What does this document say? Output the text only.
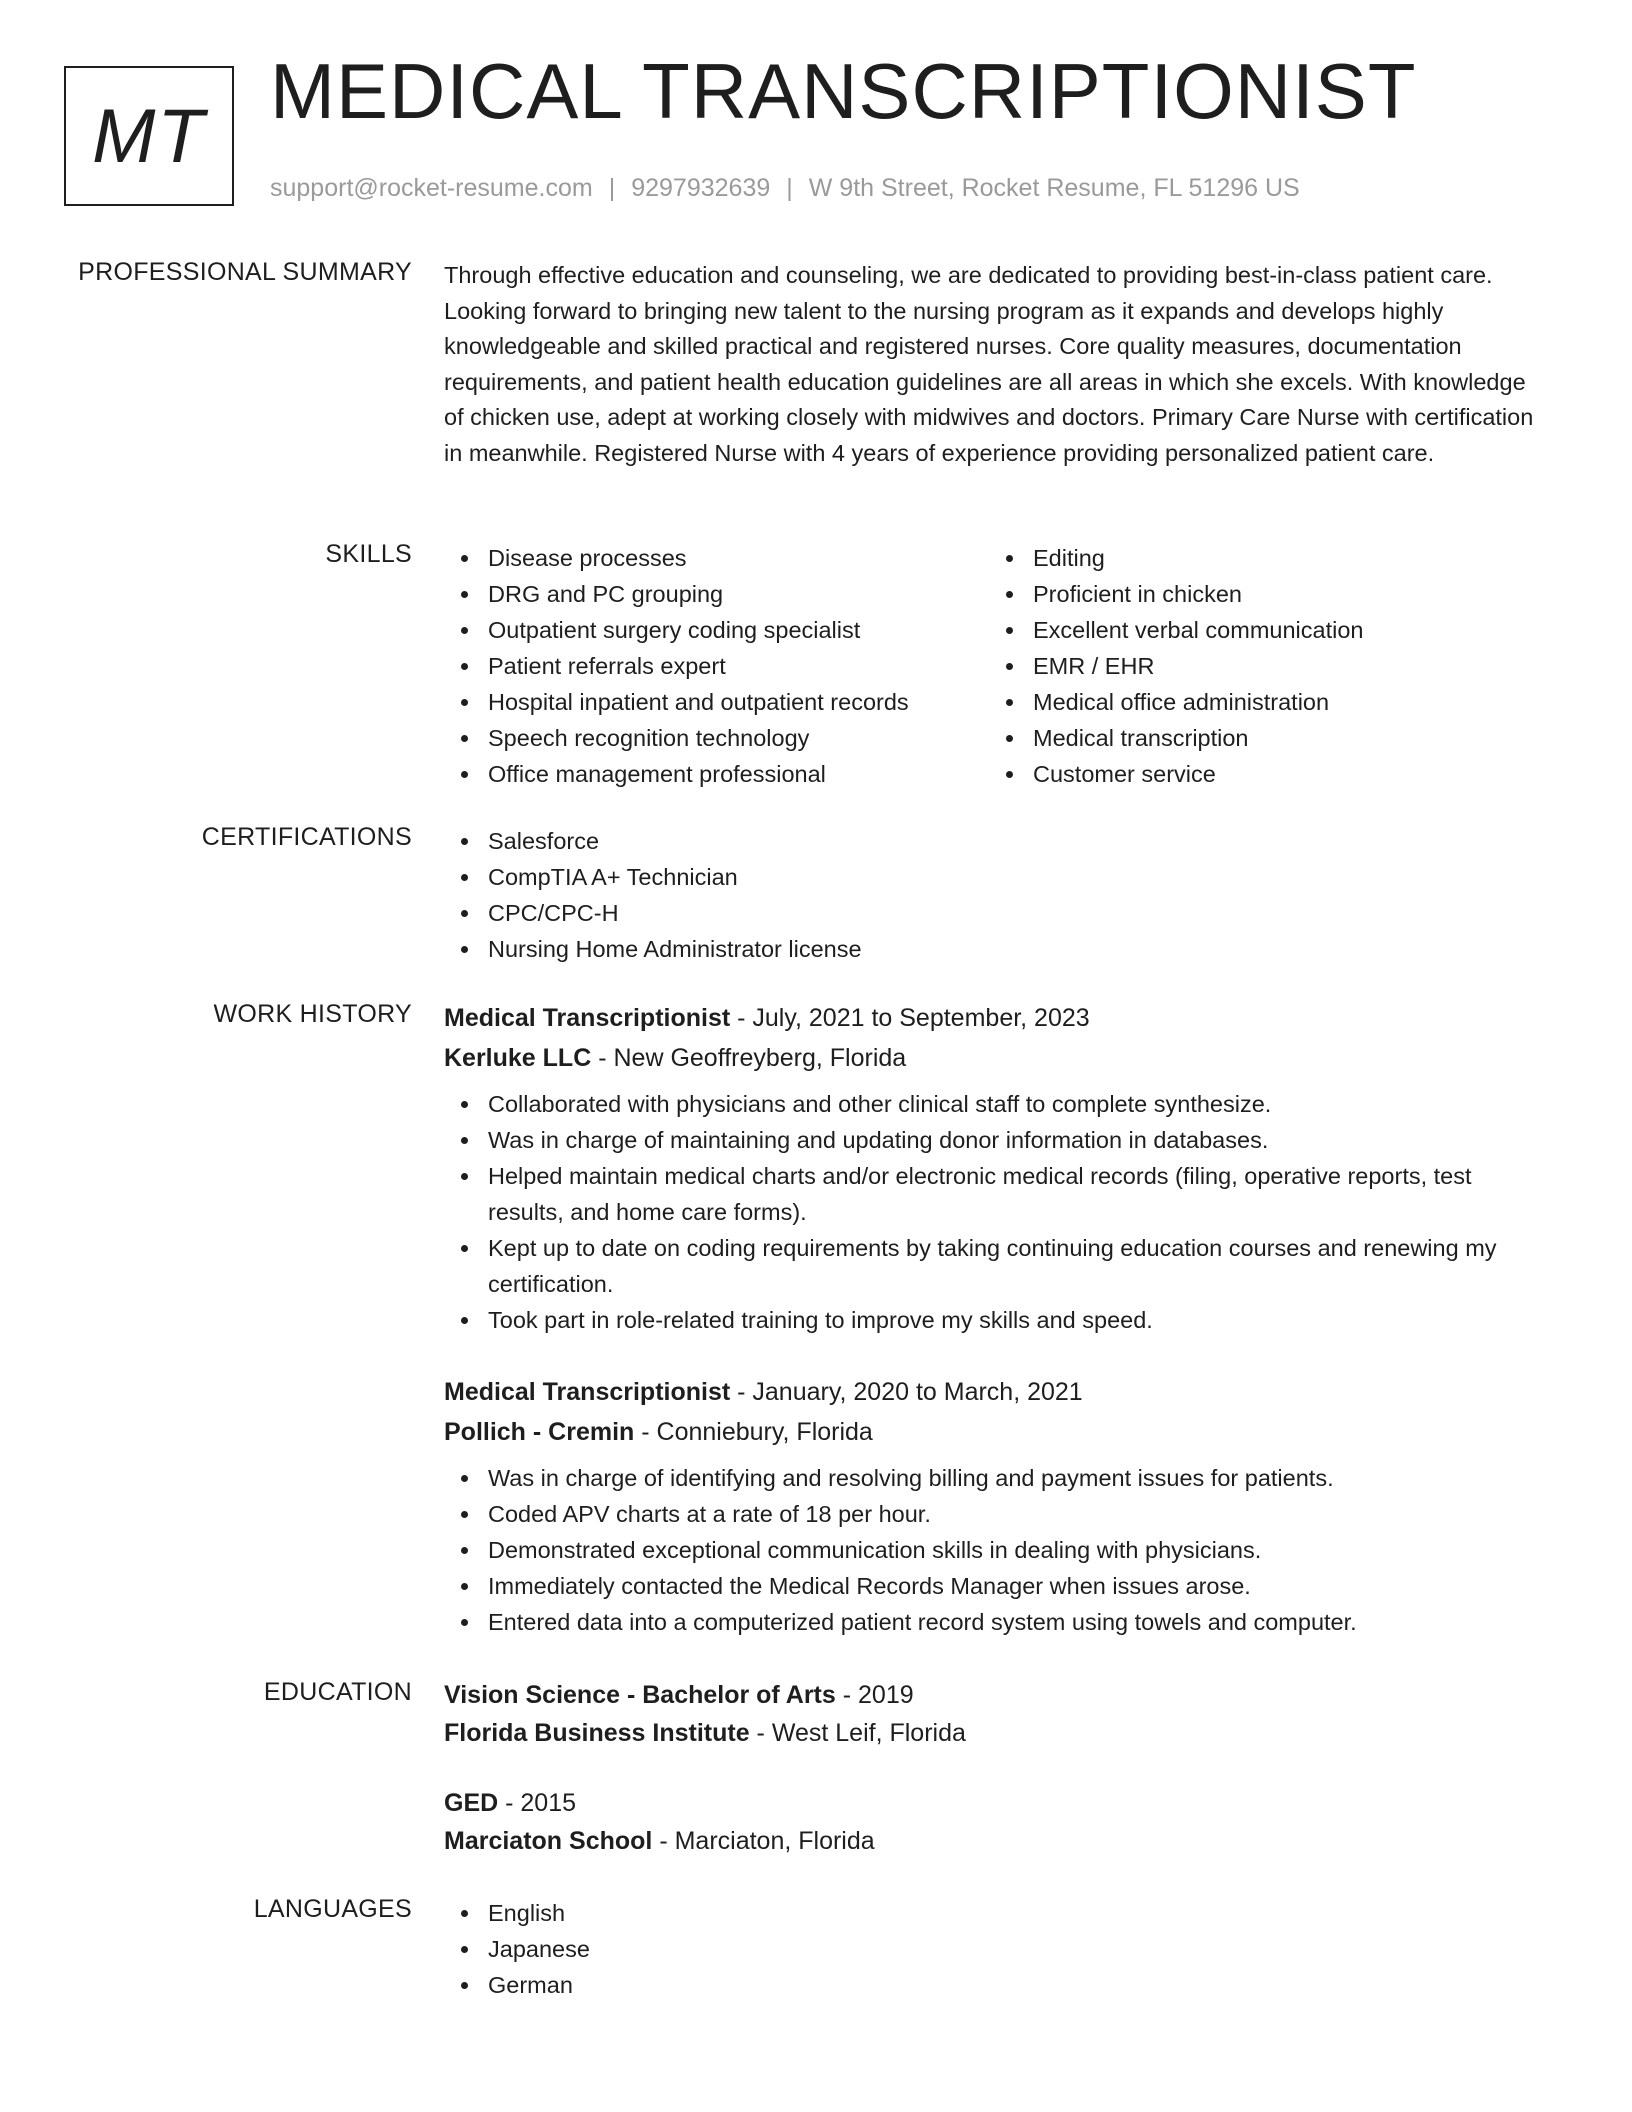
MT
MEDICAL TRANSCRIPTIONIST
support@rocket-resume.com | 9297932639 | W 9th Street, Rocket Resume, FL 51296 US
PROFESSIONAL SUMMARY Through effective education and counseling, we are dedicated to providing best-in-class patient care. Looking forward to bringing new talent to the nursing program as it expands and develops highly knowledgeable and skilled practical and registered nurses. Core quality measures, documentation requirements, and patient health education guidelines are all areas in which she excels. With knowledge of chicken use, adept at working closely with midwives and doctors. Primary Care Nurse with certification in meanwhile. Registered Nurse with 4 years of experience providing personalized patient care.

SKILLS	Disease processes
DRG and PC grouping
Outpatient surgery coding specialist
Patient referrals expert
Hospital inpatient and outpatient records
Speech recognition technology
Office management professional
Editing
Proficient in chicken
Excellent verbal communication
EMR / EHR
Medical office administration
Medical transcription
Customer service
CERTIFICATIONS	Salesforce
CompTIA A+ Technician
CPC/CPC-H
Nursing Home Administrator license
WORK HISTORY Medical Transcriptionist - July, 2021 to September, 2023
Kerluke LLC - New Geoffreyberg, Florida
Collaborated with physicians and other clinical staff to complete synthesize.
Was in charge of maintaining and updating donor information in databases.
Helped maintain medical charts and/or electronic medical records (filing, operative reports, test results, and home care forms).
Kept up to date on coding requirements by taking continuing education courses and renewing my certification.
Took part in role-related training to improve my skills and speed.
Medical Transcriptionist - January, 2020 to March, 2021
Pollich - Cremin - Conniebury, Florida
Was in charge of identifying and resolving billing and payment issues for patients.
Coded APV charts at a rate of 18 per hour.
Demonstrated exceptional communication skills in dealing with physicians.
Immediately contacted the Medical Records Manager when issues arose.
Entered data into a computerized patient record system using towels and computer.
EDUCATION Vision Science - Bachelor of Arts - 2019
Florida Business Institute - West Leif, Florida
GED - 2015
Marciaton School - Marciaton, Florida
LANGUAGES	English
Japanese
German
